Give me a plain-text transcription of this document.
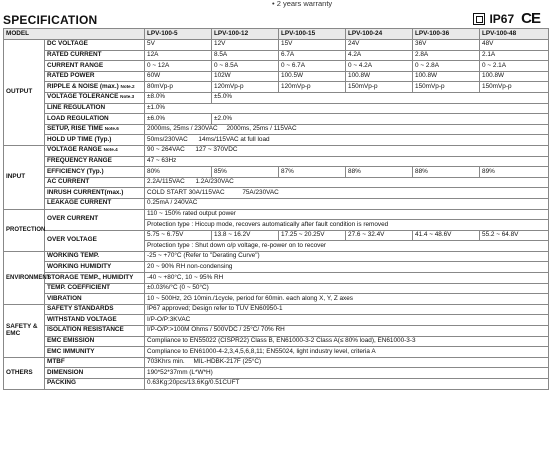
• 2 years warranty
SPECIFICATION	IP67 CE
MODEL		LPV-100-5	LPV-100-12	LPV-100-15	LPV-100-24	LPV-100-36	LPV-100-48
OUTPUT	DC VOLTAGE	5V	12V	15V	24V	36V	48V
	RATED CURRENT	12A	8.5A	6.7A	4.2A	2.8A	2.1A
	CURRENT RANGE	0 ~ 12A	0 ~ 8.5A	0 ~ 6.7A	0 ~ 4.2A	0 ~ 2.8A	0 ~ 2.1A
	RATED POWER	60W	102W	100.5W	100.8W	100.8W	100.8W
	RIPPLE & NOISE (max.) Note.2	80mVp-p	120mVp-p	120mVp-p	150mVp-p	150mVp-p	150mVp-p
	VOLTAGE TOLERANCE Note.3	±8.0%	±5.0%				
	LINE REGULATION	±1.0%					
	LOAD REGULATION	±6.0%	±2.0%				
	SETUP, RISE TIME Note.6	2000ms, 25ms / 230VAC     2000ms, 25ms / 115VAC					
	HOLD UP TIME (Typ.)	50ms/230VAC      14ms/115VAC at full load					
INPUT	VOLTAGE RANGE Note.4	90 ~ 264VAC      127 ~ 370VDC					
	FREQUENCY RANGE	47 ~ 63Hz					
	EFFICIENCY (Typ.)	80%	85%	87%	88%	88%	89%
	AC CURRENT	2.2A/115VAC      1.2A/230VAC					
	INRUSH CURRENT(max.)	COLD START 30A/115VAC          75A/230VAC					
	LEAKAGE CURRENT	0.25mA / 240VAC					
PROTECTION	OVER CURRENT	110 ~ 150% rated output power					
		Protection type : Hiccup mode, recovers automatically after fault condition is removed					
	OVER VOLTAGE	5.75 ~ 6.75V	13.8 ~ 16.2V	17.25 ~ 20.25V	27.6 ~ 32.4V	41.4 ~ 48.6V	55.2 ~ 64.8V
		Protection type : Shut down o/p voltage, re-power on to recover					
ENVIRONMENT	WORKING TEMP.	-25 ~ +70°C (Refer to "Derating Curve")					
	WORKING HUMIDITY	20 ~ 90% RH non-condensing					
	STORAGE TEMP., HUMIDITY	-40 ~ +80°C, 10 ~ 95% RH					
	TEMP. COEFFICIENT	±0.03%/°C (0 ~ 50°C)					
	VIBRATION	10 ~ 500Hz, 2G 10min./1cycle, period for 60min. each along X, Y, Z axes					
SAFETY &
EMC	SAFETY STANDARDS	IP67 approved; Design refer to TUV EN60950-1					
	WITHSTAND VOLTAGE	I/P-O/P:3KVAC					
	ISOLATION RESISTANCE	I/P-O/P:>100M Ohms / 500VDC / 25°C/ 70% RH					
	EMC EMISSION	Compliance to EN55022 (CISPR22) Class B, EN61000-3-2 Class A(≤ 80% load), EN61000-3-3					
	EMC IMMUNITY	Compliance to EN61000-4-2,3,4,5,6,8,11; EN55024, light industry level, criteria A					
OTHERS	MTBF	703Khrs min.     MIL-HDBK-217F (25°C)					
	DIMENSION	190*52*37mm (L*W*H)					
	PACKING	0.63Kg;20pcs/13.6Kg/0.51CUFT					
